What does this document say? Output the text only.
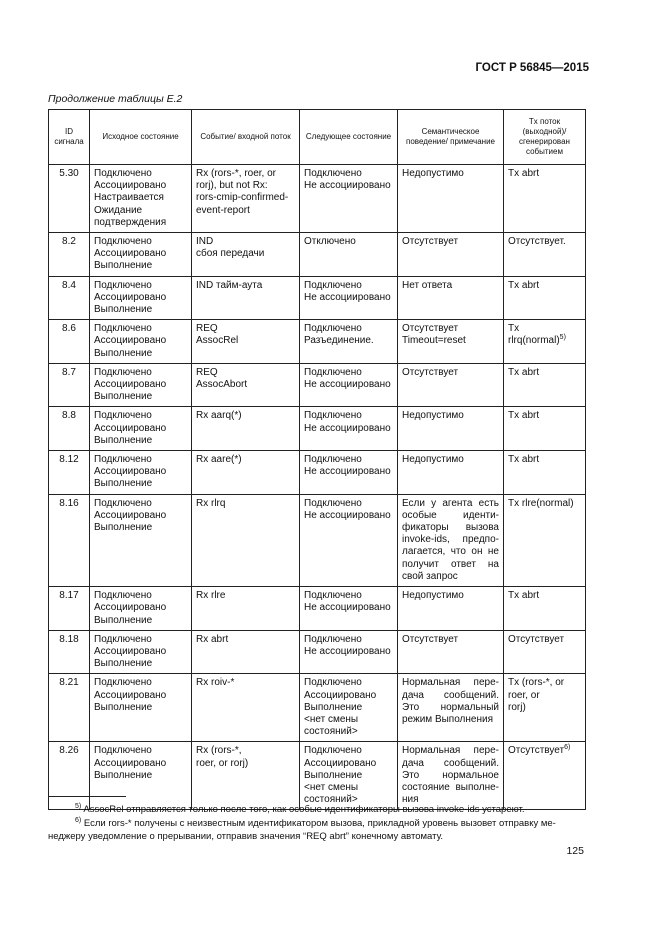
ГОСТ Р 56845—2015
Продолжение таблицы Е.2
ID сигнала	Исходное состояние	Событие/ входной поток	Следующее состояние	Семантическое поведение/ примечание	Tx поток (выходной)/ сгенерирован событием
5.30	Подключено
Ассоциировано
Настраивается
Ожидание
подтверждения	Rx (rors-*, roer, or
rorj), but not Rx:
rors-cmip-confirmed-
event-report	Подключено
Не ассоциировано	Недопустимо	Tx abrt
8.2	Подключено
Ассоциировано
Выполнение	IND
сбоя передачи	Отключено	Отсутствует	Отсутствует.
8.4	Подключено
Ассоциировано
Выполнение	IND тайм-аута	Подключено
Не ассоциировано	Нет ответа	Tx abrt
8.6	Подключено
Ассоциировано
Выполнение	REQ
AssocRel	Подключено
Разъединение.	Отсутствует
Timeout=reset	Tx
rlrq(normal)$^{5)}$
8.7	Подключено
Ассоциировано
Выполнение	REQ
AssocAbort	Подключено
Не ассоциировано	Отсутствует	Tx abrt
8.8	Подключено
Ассоциировано
Выполнение	Rx aarq(*)	Подключено
Не ассоциировано	Недопустимо	Tx abrt
8.12	Подключено
Ассоциировано
Выполнение	Rx aare(*)	Подключено
Не ассоциировано	Недопустимо	Tx abrt
8.16	Подключено
Ассоциировано
Выполнение	Rx rlrq	Подключено
Не ассоциировано	Если у агента есть особые иденти-фикаторы вызова invoke-ids, предпо-лагается, что он не получит ответ на свой запрос	Tx rlre(normal)
8.17	Подключено
Ассоциировано
Выполнение	Rx rlre	Подключено
Не ассоциировано	Недопустимо	Tx abrt
8.18	Подключено
Ассоциировано
Выполнение	Rx abrt	Подключено
Не ассоциировано	Отсутствует	Отсутствует
8.21	Подключено
Ассоциировано
Выполнение	Rx roiv-*	Подключено
Ассоциировано
Выполнение
<нет смены
состояний>	Нормальная пере-дача сообщений. Это нормальный режим Выполнения	Tx (rors-*, or
roer, or
rorj)
8.26	Подключено
Ассоциировано
Выполнение	Rx (rors-*,
roer, or rorj)	Подключено
Ассоциировано
Выполнение
<нет смены
состояний>	Нормальная пере-дача сообщений. Это нормальное состояние выполне-ния	Отсутствует$^{6)}$
$^{5)}$ AssocRel отправляется только после того, как особые идентификаторы вызова invoke-ids устареют.
$^{6)}$ Если rors-* получены с неизвестным идентификатором вызова, прикладной уровень вызовет отправку ме-неджеру уведомление о прерывании, отправив значения “REQ abrt” конечному автомату.
125
